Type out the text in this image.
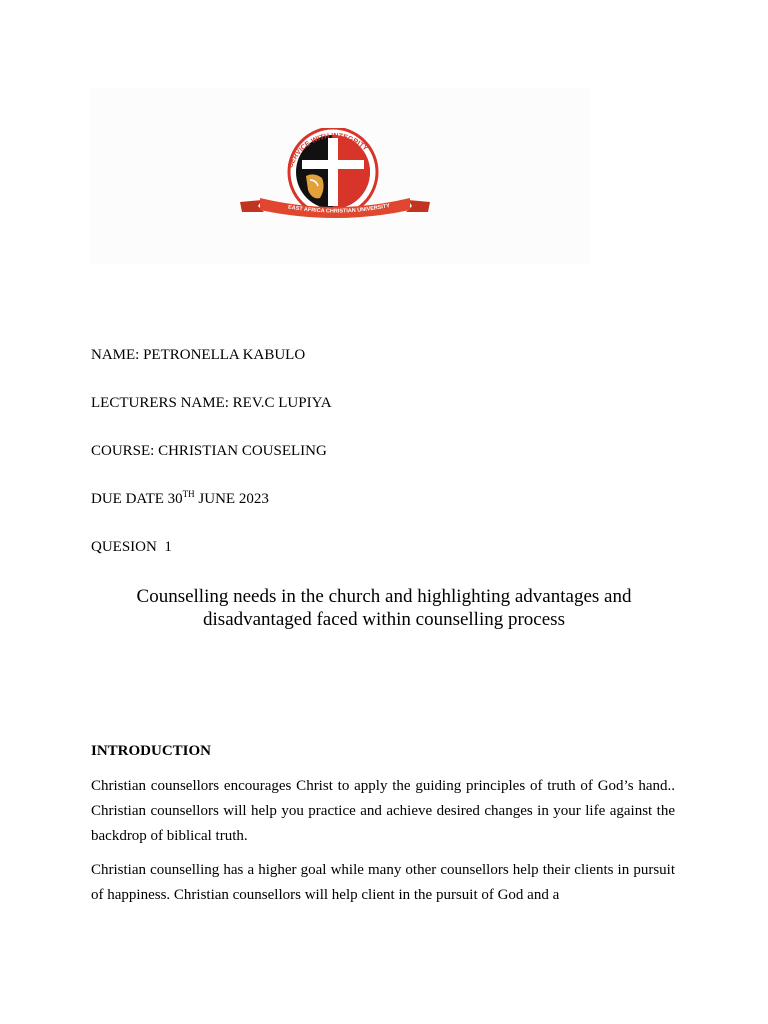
SERVICE WITH INTEGRITY
EAST AFRICA CHRISTIAN UNIVERSITY
NAME: PETRONELLA KABULO
LECTURERS NAME: REV.C LUPIYA
COURSE: CHRISTIAN COUSELING
DUE DATE 30TH JUNE 2023
QUESION  1
Counselling needs in the church and highlighting advantages and
disadvantaged faced within counselling process
INTRODUCTION
Christian counsellors encourages Christ to apply the guiding principles of truth of God’s hand.. Christian counsellors will help you practice and achieve desired changes in your life against the backdrop of biblical truth.
Christian counselling has a higher goal while many other counsellors help their clients in pursuit of happiness. Christian counsellors will help client in the pursuit of God and a
